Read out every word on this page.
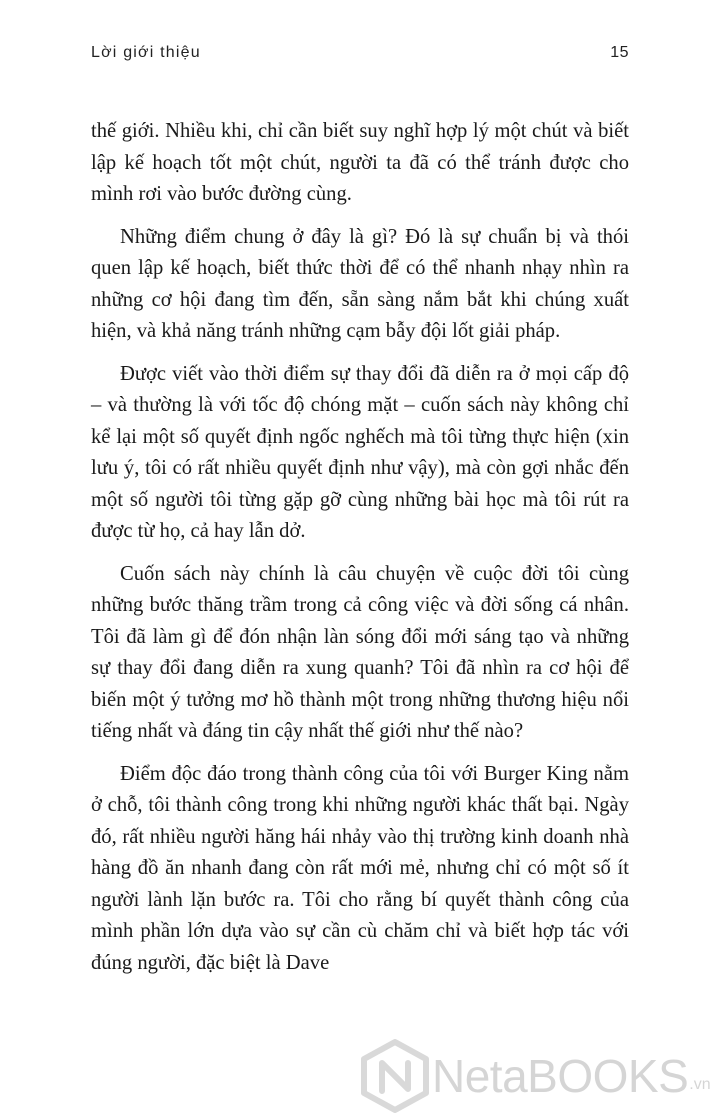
Lời giới thiệu	15

thế giới. Nhiều khi, chỉ cần biết suy nghĩ hợp lý một chút và biết lập kế hoạch tốt một chút, người ta đã có thể tránh được cho mình rơi vào bước đường cùng.

Những điểm chung ở đây là gì? Đó là sự chuẩn bị và thói quen lập kế hoạch, biết thức thời để có thể nhanh nhạy nhìn ra những cơ hội đang tìm đến, sẵn sàng nắm bắt khi chúng xuất hiện, và khả năng tránh những cạm bẫy đội lốt giải pháp.

Được viết vào thời điểm sự thay đổi đã diễn ra ở mọi cấp độ – và thường là với tốc độ chóng mặt – cuốn sách này không chỉ kể lại một số quyết định ngốc nghếch mà tôi từng thực hiện (xin lưu ý, tôi có rất nhiều quyết định như vậy), mà còn gợi nhắc đến một số người tôi từng gặp gỡ cùng những bài học mà tôi rút ra được từ họ, cả hay lẫn dở.

Cuốn sách này chính là câu chuyện về cuộc đời tôi cùng những bước thăng trầm trong cả công việc và đời sống cá nhân. Tôi đã làm gì để đón nhận làn sóng đổi mới sáng tạo và những sự thay đổi đang diễn ra xung quanh? Tôi đã nhìn ra cơ hội để biến một ý tưởng mơ hồ thành một trong những thương hiệu nổi tiếng nhất và đáng tin cậy nhất thế giới như thế nào?

Điểm độc đáo trong thành công của tôi với Burger King nằm ở chỗ, tôi thành công trong khi những người khác thất bại. Ngày đó, rất nhiều người hăng hái nhảy vào thị trường kinh doanh nhà hàng đồ ăn nhanh đang còn rất mới mẻ, nhưng chỉ có một số ít người lành lặn bước ra. Tôi cho rằng bí quyết thành công của mình phần lớn dựa vào sự cần cù chăm chỉ và biết hợp tác với đúng người, đặc biệt là Dave

NetaBOOKS .vn
